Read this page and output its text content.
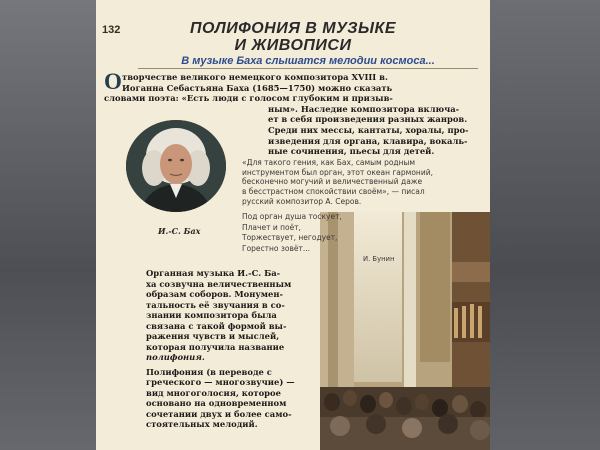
132	ПОЛИФОНИЯ В МУЗЫКЕ
И ЖИВОПИСИ
В музыке Баха слышатся мелодии космоса...
О творчестве великого немецкого композитора XVIII в.
Иоганна Себастьяна Баха (1685—1750) можно сказать
словами поэта: «Есть люди с голосом глубоким и призыв-
ным». Наследие композитора включа-
ет в себя произведения разных жанров.
Среди них мессы, кантаты, хоралы, про-
изведения для органа, клавира, вокаль-
ные сочинения, пьесы для детей.
И.-С. Бах
«Для такого гения, как Бах, самым родным
инструментом был орган, этот океан гармоний,
бесконечно могучий и величественный даже
в бесстрастном спокойствии своём», — писал
русский композитор А. Серов.
Под орган душа тоскует,
Плачет и поёт,
Торжествует, негодует,
Горестно зовёт...
И. Бунин
Органная музыка И.-С. Ба-
ха созвучна величественным
образам соборов. Монумен-
тальность её звучания в со-
знании композитора была
связана с такой формой вы-
ражения чувств и мыслей,
которая получила название
полифония.
Полифония (в переводе с
греческого — многозвучие) —
вид многоголосия, которое
основано на одновременном
сочетании двух и более само-
стоятельных мелодий.
